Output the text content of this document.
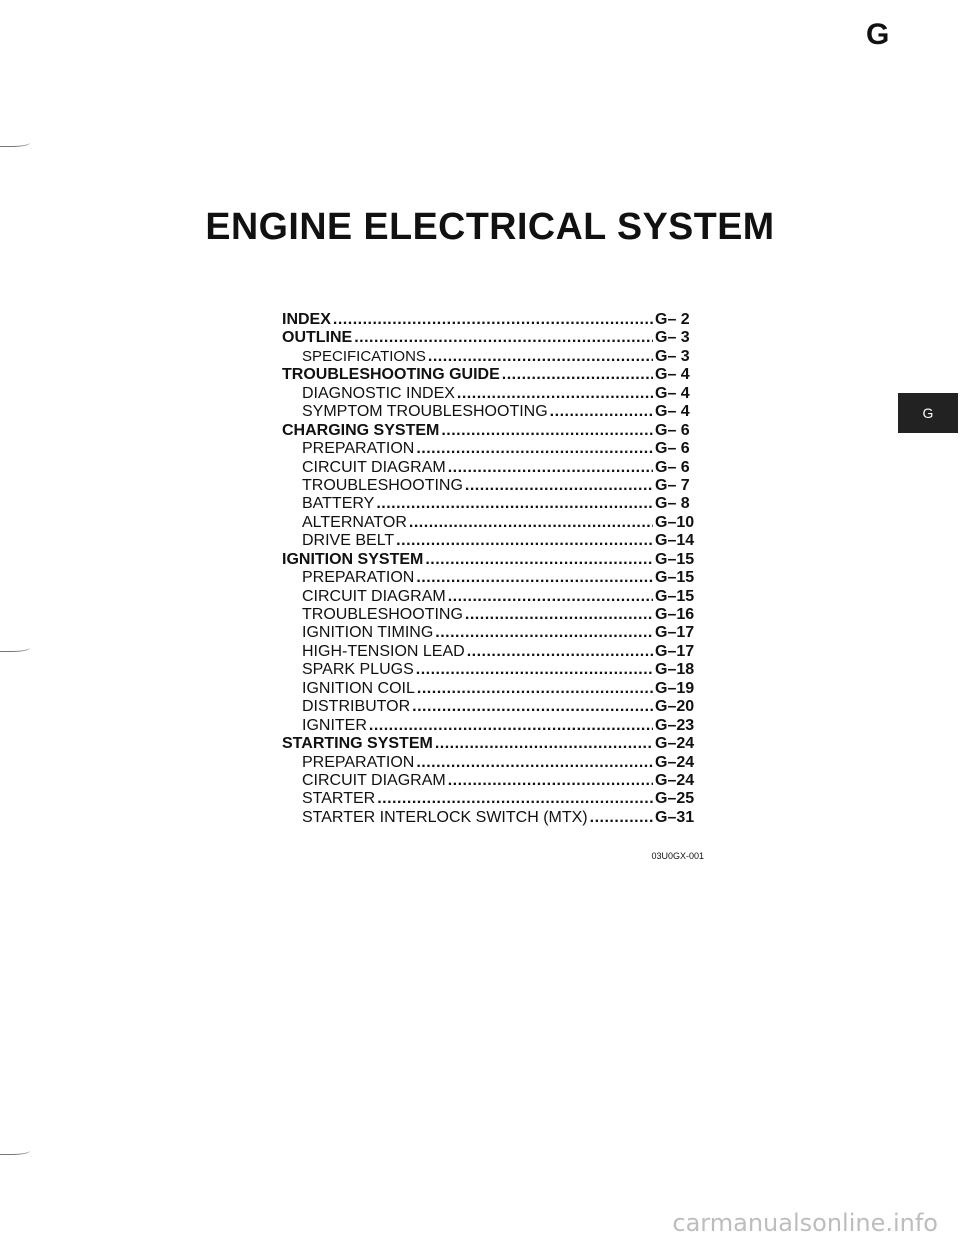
G
ENGINE ELECTRICAL SYSTEM
G
INDEX .....	G– 2
OUTLINE .....	G– 3
SPECIFICATIONS .....	G– 3
TROUBLESHOOTING GUIDE .....	G– 4
DIAGNOSTIC INDEX .....	G– 4
SYMPTOM TROUBLESHOOTING .....	G– 4
CHARGING SYSTEM .....	G– 6
PREPARATION .....	G– 6
CIRCUIT DIAGRAM .....	G– 6
TROUBLESHOOTING .....	G– 7
BATTERY .....	G– 8
ALTERNATOR .....	G–10
DRIVE BELT .....	G–14
IGNITION SYSTEM .....	G–15
PREPARATION .....	G–15
CIRCUIT DIAGRAM .....	G–15
TROUBLESHOOTING .....	G–16
IGNITION TIMING .....	G–17
HIGH-TENSION LEAD .....	G–17
SPARK PLUGS .....	G–18
IGNITION COIL .....	G–19
DISTRIBUTOR .....	G–20
IGNITER .....	G–23
STARTING SYSTEM .....	G–24
PREPARATION .....	G–24
CIRCUIT DIAGRAM .....	G–24
STARTER .....	G–25
STARTER INTERLOCK SWITCH (MTX) .....	G–31
03U0GX-001
carmanualsonline.info
